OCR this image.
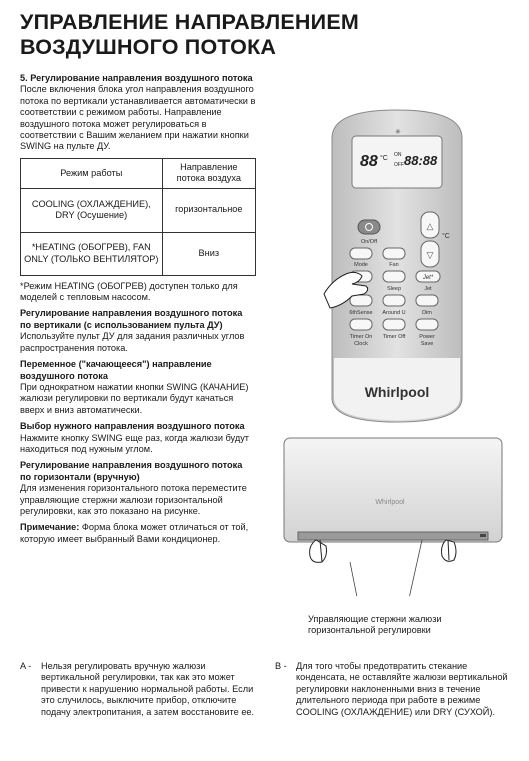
УПРАВЛЕНИЕ НАПРАВЛЕНИЕМ ВОЗДУШНОГО ПОТОКА

5. Регулирование направления воздушного потока
После включения блока угол направления воздушного потока по вертикали устанавливается автоматически в соответствии с режимом работы. Направление воздушного потока может регулироваться в соответствии с Вашим желанием при нажатии кнопки SWING на пульте ДУ.

Режим работы	Направление потока воздуха
COOLING (ОХЛАЖДЕНИЕ), DRY (Осушение)	горизонтальное
*HEATING (ОБОГРЕВ), FAN ONLY (ТОЛЬКО ВЕНТИЛЯТОР)	Вниз

*Режим HEATING (ОБОГРЕВ) доступен только для моделей с тепловым насосом.

Регулирование направления воздушного потока по вертикали (с использованием пульта ДУ)
Используйте пульт ДУ для задания различных углов распространения потока.

Переменное ("качающееся") направление воздушного потока
При однократном нажатии кнопки SWING (КАЧАНИЕ) жалюзи регулировки по вертикали будут качаться вверх и вниз автоматически.

Выбор нужного направления воздушного потока
Нажмите кнопку SWING еще раз, когда жалюзи будут находиться под нужным углом.

Регулирование направления воздушного потока по горизонтали (вручную)
Для изменения горизонтального потока переместите управляющие стержни жалюзи горизонтальной регулировки, как это показано на рисунке.

Примечание: Форма блока может отличаться от той, которую имеет выбранный Вами кондиционер.

✳
88 °C ON
OFF 88:88
On/Off
△
▽
°C
Mode	Fan
Sleep
Jet*
Jet
6thSense Around U	Dim
Timer On
Clock
Timer Off	Power
Save
Whirlpool
Whirlpool
Управляющие стержни жалюзи горизонтальной регулировки
A - Нельзя регулировать вручную жалюзи вертикальной регулировки, так как это может привести к нарушению нормальной работы. Если это случилось, выключите прибор, отключите подачу электропитания, а затем восстановите ее.
B - Для того чтобы предотвратить стекание конденсата, не оставляйте жалюзи вертикальной регулировки наклоненными вниз в течение длительного периода при работе в режиме COOLING (ОХЛАЖДЕНИЕ) или DRY (СУХОЙ).
